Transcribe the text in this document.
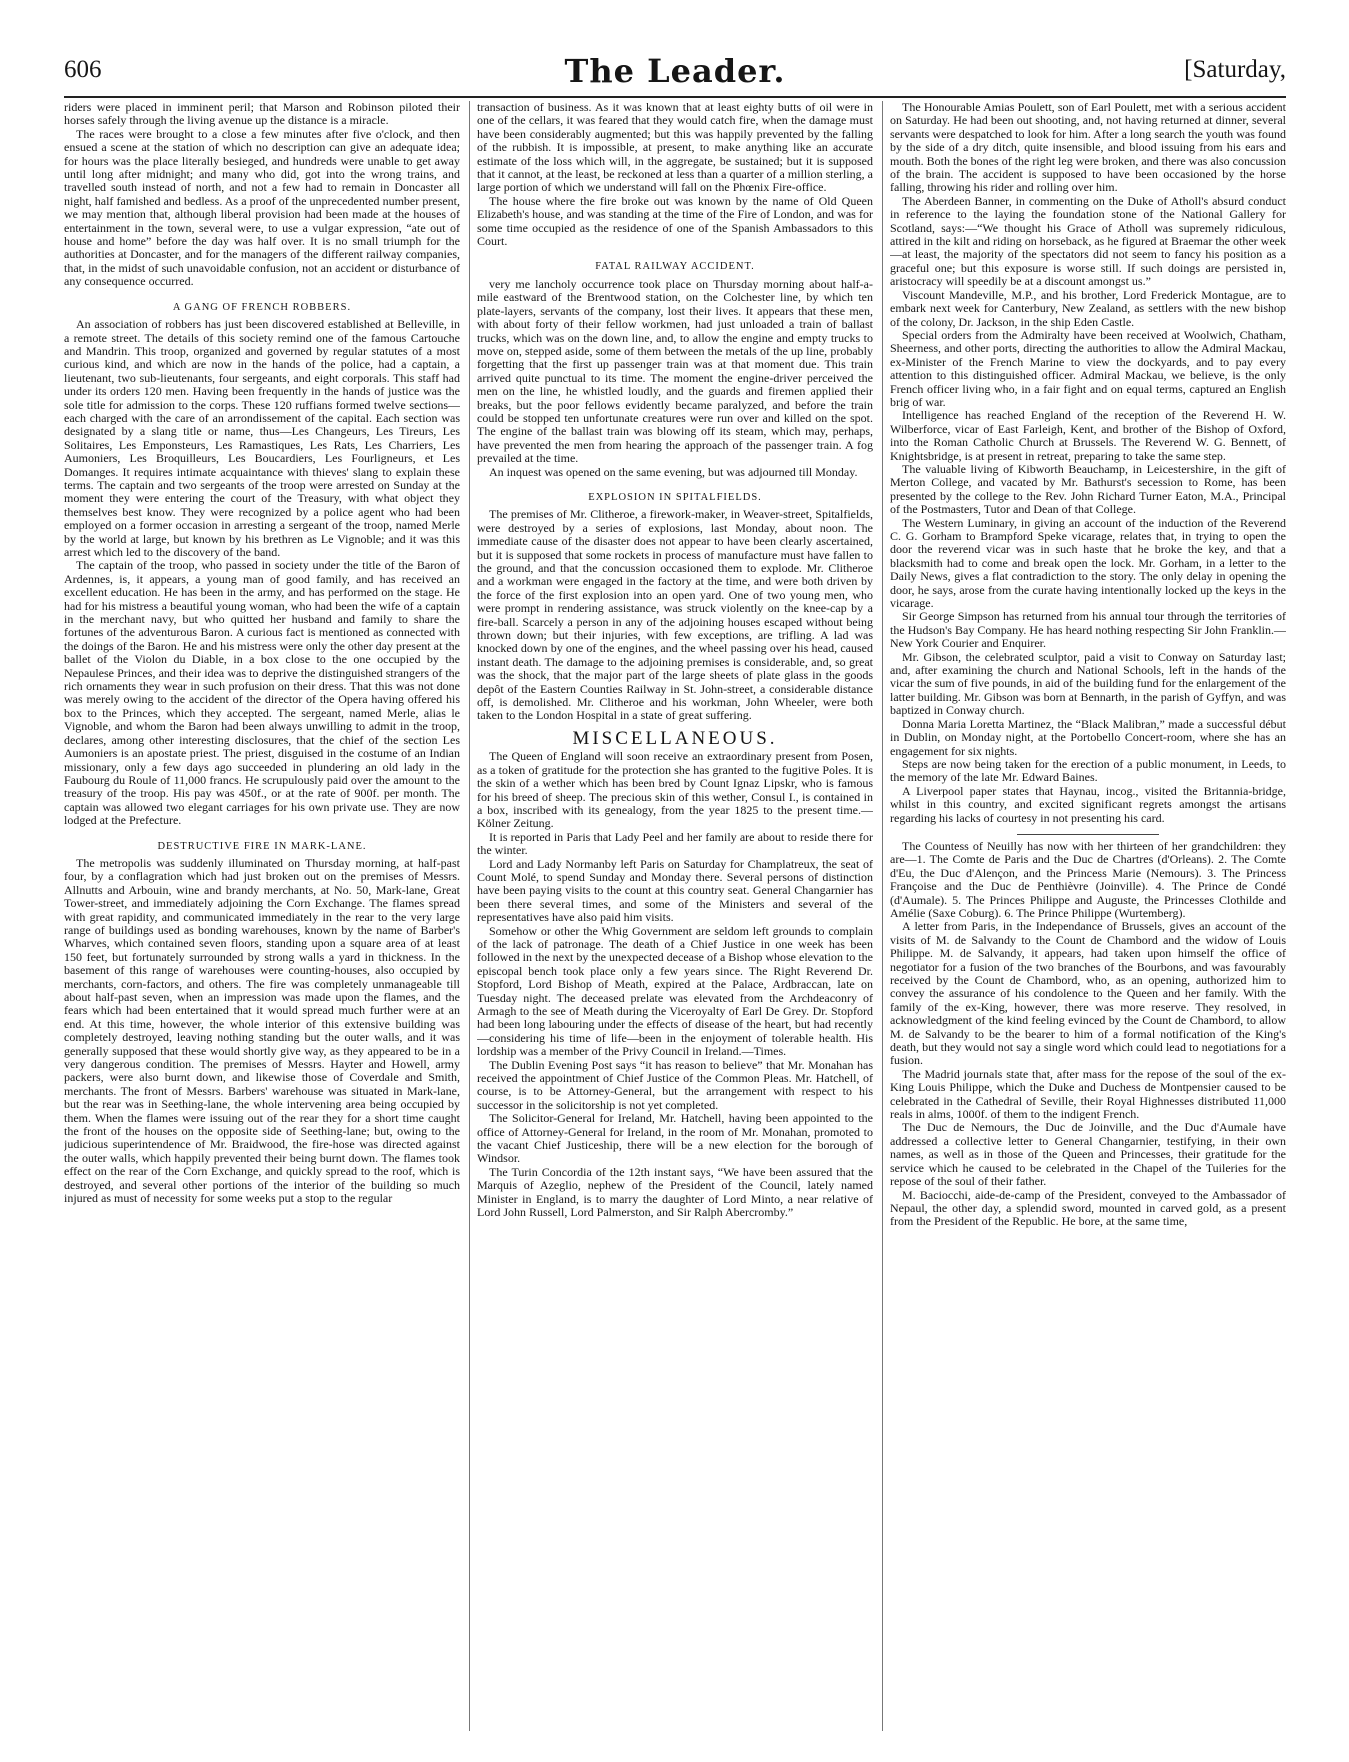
606	The Leader.	[Saturday,

riders were placed in imminent peril; that Marson and Robinson piloted their horses safely through the living avenue up the distance is a miracle.

The races were brought to a close a few minutes after five o'clock, and then ensued a scene at the station of which no description can give an adequate idea; for hours was the place literally besieged, and hundreds were unable to get away until long after midnight; and many who did, got into the wrong trains, and travelled south instead of north, and not a few had to remain in Doncaster all night, half famished and bedless. As a proof of the unprecedented number present, we may mention that, although liberal provision had been made at the houses of entertainment in the town, several were, to use a vulgar expression, “ate out of house and home” before the day was half over. It is no small triumph for the authorities at Doncaster, and for the managers of the different railway companies, that, in the midst of such unavoidable confusion, not an accident or disturbance of any consequence occurred.

A GANG OF FRENCH ROBBERS.

An association of robbers has just been discovered established at Belleville, in a remote street. The details of this society remind one of the famous Cartouche and Mandrin. This troop, organized and governed by regular statutes of a most curious kind, and which are now in the hands of the police, had a captain, a lieutenant, two sub-lieutenants, four sergeants, and eight corporals. This staff had under its orders 120 men. Having been frequently in the hands of justice was the sole title for admission to the corps. These 120 ruffians formed twelve sections—each charged with the care of an arrondissement of the capital. Each section was designated by a slang title or name, thus—Les Changeurs, Les Tireurs, Les Solitaires, Les Emponsteurs, Les Ramastiques, Les Rats, Les Charriers, Les Aumoniers, Les Broquilleurs, Les Boucardiers, Les Fourligneurs, et Les Domanges. It requires intimate acquaintance with thieves' slang to explain these terms. The captain and two sergeants of the troop were arrested on Sunday at the moment they were entering the court of the Treasury, with what object they themselves best know. They were recognized by a police agent who had been employed on a former occasion in arresting a sergeant of the troop, named Merle by the world at large, but known by his brethren as Le Vignoble; and it was this arrest which led to the discovery of the band.

The captain of the troop, who passed in society under the title of the Baron of Ardennes, is, it appears, a young man of good family, and has received an excellent education. He has been in the army, and has performed on the stage. He had for his mistress a beautiful young woman, who had been the wife of a captain in the merchant navy, but who quitted her husband and family to share the fortunes of the adventurous Baron. A curious fact is mentioned as connected with the doings of the Baron. He and his mistress were only the other day present at the ballet of the Violon du Diable, in a box close to the one occupied by the Nepaulese Princes, and their idea was to deprive the distinguished strangers of the rich ornaments they wear in such profusion on their dress. That this was not done was merely owing to the accident of the director of the Opera having offered his box to the Princes, which they accepted. The sergeant, named Merle, alias le Vignoble, and whom the Baron had been always unwilling to admit in the troop, declares, among other interesting disclosures, that the chief of the section Les Aumoniers is an apostate priest. The priest, disguised in the costume of an Indian missionary, only a few days ago succeeded in plundering an old lady in the Faubourg du Roule of 11,000 francs. He scrupulously paid over the amount to the treasury of the troop. His pay was 450f., or at the rate of 900f. per month. The captain was allowed two elegant carriages for his own private use. They are now lodged at the Prefecture.

DESTRUCTIVE FIRE IN MARK-LANE.

The metropolis was suddenly illuminated on Thursday morning, at half-past four, by a conflagration which had just broken out on the premises of Messrs. Allnutts and Arbouin, wine and brandy merchants, at No. 50, Mark-lane, Great Tower-street, and immediately adjoining the Corn Exchange. The flames spread with great rapidity, and communicated immediately in the rear to the very large range of buildings used as bonding warehouses, known by the name of Barber's Wharves, which contained seven floors, standing upon a square area of at least 150 feet, but fortunately surrounded by strong walls a yard in thickness. In the basement of this range of warehouses were counting-houses, also occupied by merchants, corn-factors, and others. The fire was completely unmanageable till about half-past seven, when an impression was made upon the flames, and the fears which had been entertained that it would spread much further were at an end. At this time, however, the whole interior of this extensive building was completely destroyed, leaving nothing standing but the outer walls, and it was generally supposed that these would shortly give way, as they appeared to be in a very dangerous condition. The premises of Messrs. Hayter and Howell, army packers, were also burnt down, and likewise those of Coverdale and Smith, merchants. The front of Messrs. Barbers' warehouse was situated in Mark-lane, but the rear was in Seething-lane, the whole intervening area being occupied by them. When the flames were issuing out of the rear they for a short time caught the front of the houses on the opposite side of Seething-lane; but, owing to the judicious superintendence of Mr. Braidwood, the fire-hose was directed against the outer walls, which happily prevented their being burnt down. The flames took effect on the rear of the Corn Exchange, and quickly spread to the roof, which is destroyed, and several other portions of the interior of the building so much injured as must of necessity for some weeks put a stop to the regular

transaction of business. As it was known that at least eighty butts of oil were in one of the cellars, it was feared that they would catch fire, when the damage must have been considerably augmented; but this was happily prevented by the falling of the rubbish. It is impossible, at present, to make anything like an accurate estimate of the loss which will, in the aggregate, be sustained; but it is supposed that it cannot, at the least, be reckoned at less than a quarter of a million sterling, a large portion of which we understand will fall on the Phœnix Fire-office.

The house where the fire broke out was known by the name of Old Queen Elizabeth's house, and was standing at the time of the Fire of London, and was for some time occupied as the residence of one of the Spanish Ambassadors to this Court.

FATAL RAILWAY ACCIDENT.

very me lancholy occurrence took place on Thursday morning about half-a-mile eastward of the Brentwood station, on the Colchester line, by which ten plate-layers, servants of the company, lost their lives. It appears that these men, with about forty of their fellow workmen, had just unloaded a train of ballast trucks, which was on the down line, and, to allow the engine and empty trucks to move on, stepped aside, some of them between the metals of the up line, probably forgetting that the first up passenger train was at that moment due. This train arrived quite punctual to its time. The moment the engine-driver perceived the men on the line, he whistled loudly, and the guards and firemen applied their breaks, but the poor fellows evidently became paralyzed, and before the train could be stopped ten unfortunate creatures were run over and killed on the spot. The engine of the ballast train was blowing off its steam, which may, perhaps, have prevented the men from hearing the approach of the passenger train. A fog prevailed at the time.

An inquest was opened on the same evening, but was adjourned till Monday.

EXPLOSION IN SPITALFIELDS.

The premises of Mr. Clitheroe, a firework-maker, in Weaver-street, Spitalfields, were destroyed by a series of explosions, last Monday, about noon. The immediate cause of the disaster does not appear to have been clearly ascertained, but it is supposed that some rockets in process of manufacture must have fallen to the ground, and that the concussion occasioned them to explode. Mr. Clitheroe and a workman were engaged in the factory at the time, and were both driven by the force of the first explosion into an open yard. One of two young men, who were prompt in rendering assistance, was struck violently on the knee-cap by a fire-ball. Scarcely a person in any of the adjoining houses escaped without being thrown down; but their injuries, with few exceptions, are trifling. A lad was knocked down by one of the engines, and the wheel passing over his head, caused instant death. The damage to the adjoining premises is considerable, and, so great was the shock, that the major part of the large sheets of plate glass in the goods depôt of the Eastern Counties Railway in St. John-street, a considerable distance off, is demolished. Mr. Clitheroe and his workman, John Wheeler, were both taken to the London Hospital in a state of great suffering.

MISCELLANEOUS.

The Queen of England will soon receive an extraordinary present from Posen, as a token of gratitude for the protection she has granted to the fugitive Poles. It is the skin of a wether which has been bred by Count Ignaz Lipskr, who is famous for his breed of sheep. The precious skin of this wether, Consul I., is contained in a box, inscribed with its genealogy, from the year 1825 to the present time.—Kölner Zeitung.

It is reported in Paris that Lady Peel and her family are about to reside there for the winter.

Lord and Lady Normanby left Paris on Saturday for Champlatreux, the seat of Count Molé, to spend Sunday and Monday there. Several persons of distinction have been paying visits to the count at this country seat. General Changarnier has been there several times, and some of the Ministers and several of the representatives have also paid him visits.

Somehow or other the Whig Government are seldom left grounds to complain of the lack of patronage. The death of a Chief Justice in one week has been followed in the next by the unexpected decease of a Bishop whose elevation to the episcopal bench took place only a few years since. The Right Reverend Dr. Stopford, Lord Bishop of Meath, expired at the Palace, Ardbraccan, late on Tuesday night. The deceased prelate was elevated from the Archdeaconry of Armagh to the see of Meath during the Viceroyalty of Earl De Grey. Dr. Stopford had been long labouring under the effects of disease of the heart, but had recently—considering his time of life—been in the enjoyment of tolerable health. His lordship was a member of the Privy Council in Ireland.—Times.

The Dublin Evening Post says “it has reason to believe” that Mr. Monahan has received the appointment of Chief Justice of the Common Pleas. Mr. Hatchell, of course, is to be Attorney-General, but the arrangement with respect to his successor in the solicitorship is not yet completed.

The Solicitor-General for Ireland, Mr. Hatchell, having been appointed to the office of Attorney-General for Ireland, in the room of Mr. Monahan, promoted to the vacant Chief Justiceship, there will be a new election for the borough of Windsor.

The Turin Concordia of the 12th instant says, “We have been assured that the Marquis of Azeglio, nephew of the President of the Council, lately named Minister in England, is to marry the daughter of Lord Minto, a near relative of Lord John Russell, Lord Palmerston, and Sir Ralph Abercromby.”

The Honourable Amias Poulett, son of Earl Poulett, met with a serious accident on Saturday. He had been out shooting, and, not having returned at dinner, several servants were despatched to look for him. After a long search the youth was found by the side of a dry ditch, quite insensible, and blood issuing from his ears and mouth. Both the bones of the right leg were broken, and there was also concussion of the brain. The accident is supposed to have been occasioned by the horse falling, throwing his rider and rolling over him.

The Aberdeen Banner, in commenting on the Duke of Atholl's absurd conduct in reference to the laying the foundation stone of the National Gallery for Scotland, says:—“We thought his Grace of Atholl was supremely ridiculous, attired in the kilt and riding on horseback, as he figured at Braemar the other week—at least, the majority of the spectators did not seem to fancy his position as a graceful one; but this exposure is worse still. If such doings are persisted in, aristocracy will speedily be at a discount amongst us.”

Viscount Mandeville, M.P., and his brother, Lord Frederick Montague, are to embark next week for Canterbury, New Zealand, as settlers with the new bishop of the colony, Dr. Jackson, in the ship Eden Castle.

Special orders from the Admiralty have been received at Woolwich, Chatham, Sheerness, and other ports, directing the authorities to allow the Admiral Mackau, ex-Minister of the French Marine to view the dockyards, and to pay every attention to this distinguished officer. Admiral Mackau, we believe, is the only French officer living who, in a fair fight and on equal terms, captured an English brig of war.

Intelligence has reached England of the reception of the Reverend H. W. Wilberforce, vicar of East Farleigh, Kent, and brother of the Bishop of Oxford, into the Roman Catholic Church at Brussels. The Reverend W. G. Bennett, of Knightsbridge, is at present in retreat, preparing to take the same step.

The valuable living of Kibworth Beauchamp, in Leicestershire, in the gift of Merton College, and vacated by Mr. Bathurst's secession to Rome, has been presented by the college to the Rev. John Richard Turner Eaton, M.A., Principal of the Postmasters, Tutor and Dean of that College.

The Western Luminary, in giving an account of the induction of the Reverend C. G. Gorham to Brampford Speke vicarage, relates that, in trying to open the door the reverend vicar was in such haste that he broke the key, and that a blacksmith had to come and break open the lock. Mr. Gorham, in a letter to the Daily News, gives a flat contradiction to the story. The only delay in opening the door, he says, arose from the curate having intentionally locked up the keys in the vicarage.

Sir George Simpson has returned from his annual tour through the territories of the Hudson's Bay Company. He has heard nothing respecting Sir John Franklin.—New York Courier and Enquirer.

Mr. Gibson, the celebrated sculptor, paid a visit to Conway on Saturday last; and, after examining the church and National Schools, left in the hands of the vicar the sum of five pounds, in aid of the building fund for the enlargement of the latter building. Mr. Gibson was born at Bennarth, in the parish of Gyffyn, and was baptized in Conway church.

Donna Maria Loretta Martinez, the “Black Malibran,” made a successful début in Dublin, on Monday night, at the Portobello Concert-room, where she has an engagement for six nights.

Steps are now being taken for the erection of a public monument, in Leeds, to the memory of the late Mr. Edward Baines.

A Liverpool paper states that Haynau, incog., visited the Britannia-bridge, whilst in this country, and excited significant regrets amongst the artisans regarding his lacks of courtesy in not presenting his card.

The Countess of Neuilly has now with her thirteen of her grandchildren: they are—1. The Comte de Paris and the Duc de Chartres (d'Orleans). 2. The Comte d'Eu, the Duc d'Alençon, and the Princess Marie (Nemours). 3. The Princess Françoise and the Duc de Penthièvre (Joinville). 4. The Prince de Condé (d'Aumale). 5. The Princes Philippe and Auguste, the Princesses Clothilde and Amélie (Saxe Coburg). 6. The Prince Philippe (Wurtemberg).

A letter from Paris, in the Independance of Brussels, gives an account of the visits of M. de Salvandy to the Count de Chambord and the widow of Louis Philippe. M. de Salvandy, it appears, had taken upon himself the office of negotiator for a fusion of the two branches of the Bourbons, and was favourably received by the Count de Chambord, who, as an opening, authorized him to convey the assurance of his condolence to the Queen and her family. With the family of the ex-King, however, there was more reserve. They resolved, in acknowledgment of the kind feeling evinced by the Count de Chambord, to allow M. de Salvandy to be the bearer to him of a formal notification of the King's death, but they would not say a single word which could lead to negotiations for a fusion.

The Madrid journals state that, after mass for the repose of the soul of the ex-King Louis Philippe, which the Duke and Duchess de Montpensier caused to be celebrated in the Cathedral of Seville, their Royal Highnesses distributed 11,000 reals in alms, 1000f. of them to the indigent French.

The Duc de Nemours, the Duc de Joinville, and the Duc d'Aumale have addressed a collective letter to General Changarnier, testifying, in their own names, as well as in those of the Queen and Princesses, their gratitude for the service which he caused to be celebrated in the Chapel of the Tuileries for the repose of the soul of their father.

M. Baciocchi, aide-de-camp of the President, conveyed to the Ambassador of Nepaul, the other day, a splendid sword, mounted in carved gold, as a present from the President of the Republic. He bore, at the same time,
